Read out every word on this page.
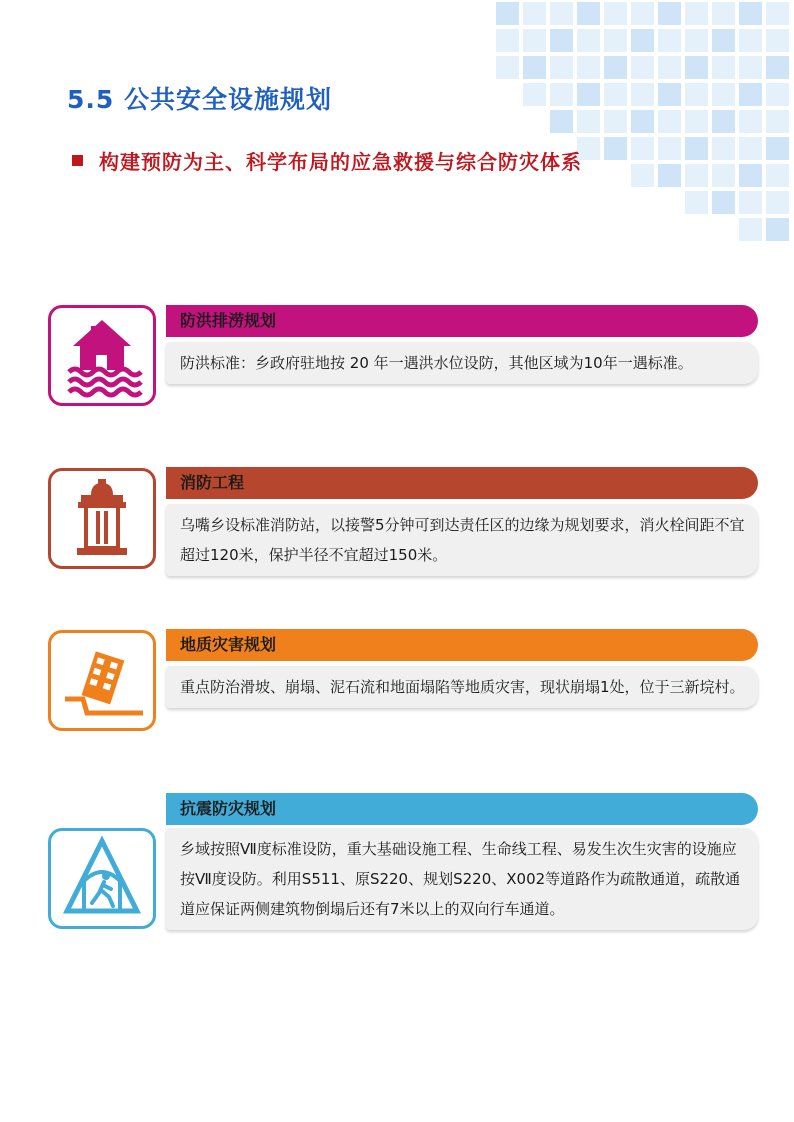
5.5 公共安全设施规划
构建预防为主、科学布局的应急救援与综合防灾体系
防洪排涝规划
防洪标准：乡政府驻地按 20 年一遇洪水位设防，其他区域为10年一遇标准。
消防工程
乌嘴乡设标准消防站，以接警5分钟可到达责任区的边缘为规划要求，消火栓间距不宜超过120米，保护半径不宜超过150米。
地质灾害规划
重点防治滑坡、崩塌、泥石流和地面塌陷等地质灾害，现状崩塌1处，位于三新垸村。
抗震防灾规划
乡域按照Ⅶ度标准设防，重大基础设施工程、生命线工程、易发生次生灾害的设施应按Ⅶ度设防。利用S511、原S220、规划S220、X002等道路作为疏散通道，疏散通道应保证两侧建筑物倒塌后还有7米以上的双向行车通道。
